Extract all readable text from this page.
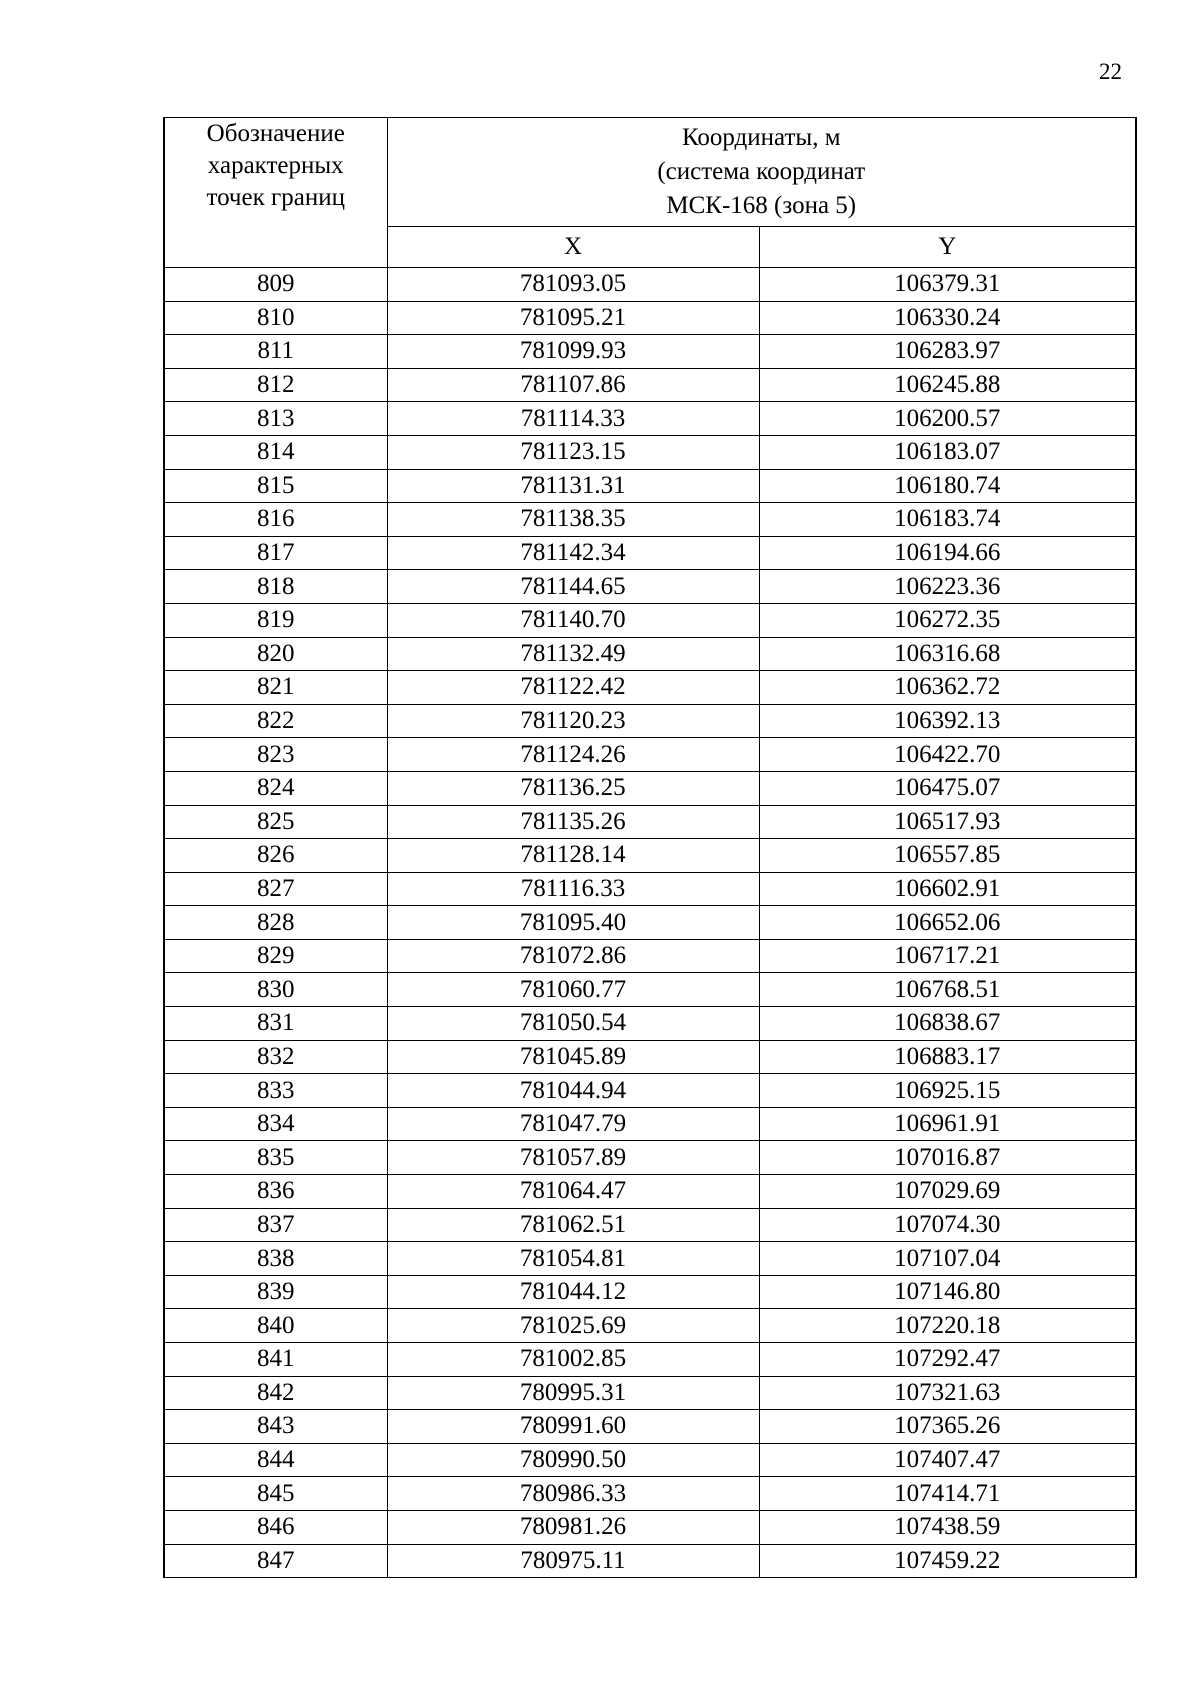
22
Обозначение
характерных
точек границ	Координаты, м
(система координат
МСК-168 (зона 5)	

	X	Y
809	781093.05	106379.31
810	781095.21	106330.24
811	781099.93	106283.97
812	781107.86	106245.88
813	781114.33	106200.57
814	781123.15	106183.07
815	781131.31	106180.74
816	781138.35	106183.74
817	781142.34	106194.66
818	781144.65	106223.36
819	781140.70	106272.35
820	781132.49	106316.68
821	781122.42	106362.72
822	781120.23	106392.13
823	781124.26	106422.70
824	781136.25	106475.07
825	781135.26	106517.93
826	781128.14	106557.85
827	781116.33	106602.91
828	781095.40	106652.06
829	781072.86	106717.21
830	781060.77	106768.51
831	781050.54	106838.67
832	781045.89	106883.17
833	781044.94	106925.15
834	781047.79	106961.91
835	781057.89	107016.87
836	781064.47	107029.69
837	781062.51	107074.30
838	781054.81	107107.04
839	781044.12	107146.80
840	781025.69	107220.18
841	781002.85	107292.47
842	780995.31	107321.63
843	780991.60	107365.26
844	780990.50	107407.47
845	780986.33	107414.71
846	780981.26	107438.59
847	780975.11	107459.22
